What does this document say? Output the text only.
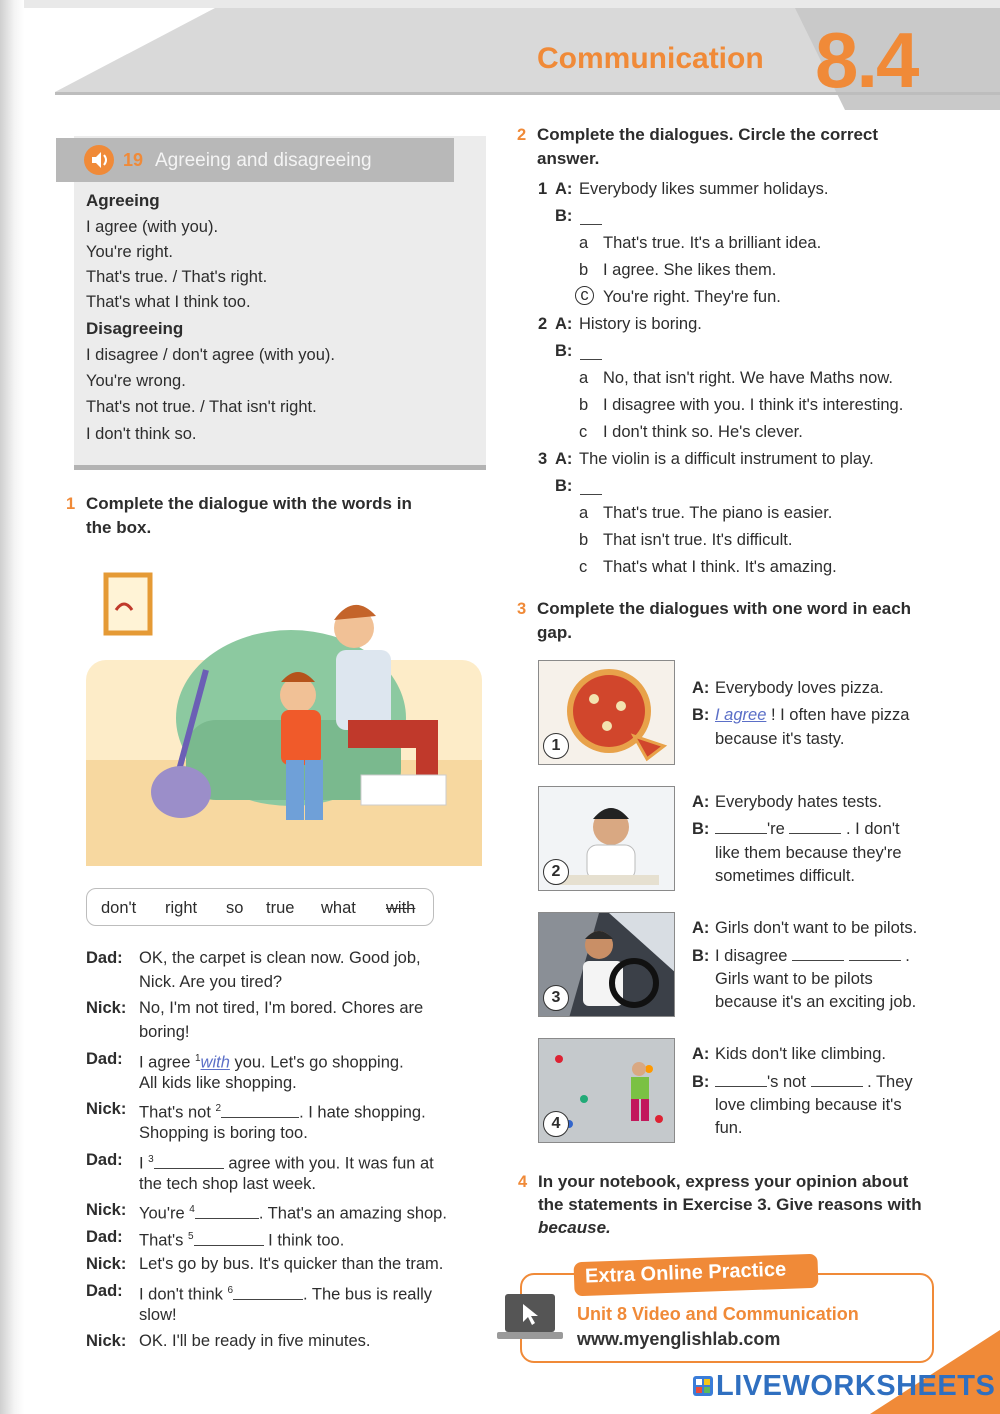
Communication 8.4
19 Agreeing and disagreeing
Agreeing
I agree (with you).
You're right.
That's true. / That's right.
That's what I think too.
Disagreeing
I disagree / don't agree (with you).
You're wrong.
That's not true. / That isn't right.
I don't think so.
1 Complete the dialogue with the words in
the box.
don't right so true what with
Dad: OK, the carpet is clean now. Good job,
Nick. Are you tired?
Nick: No, I'm not tired, I'm bored. Chores are
boring!
Dad: I agree $^1$with you. Let's go shopping.
All kids like shopping.
Nick: That's not $^2$	. I hate shopping.
Shopping is boring too.
Dad: I $^3$	agree with you. It was fun at
the tech shop last week.
Nick: You're $^4$	. That's an amazing shop.
Dad: That's $^5$	I think too.
Nick: Let's go by bus. It's quicker than the tram.
Dad: I don't think $^6$	. The bus is really
slow!
Nick: OK. I'll be ready in five minutes.
2 Complete the dialogues. Circle the correct
answer.
1 A: Everybody likes summer holidays.
B:
a That's true. It's a brilliant idea.
b I agree. She likes them.
c You're right. They're fun.
2 A: History is boring.
B:
a No, that isn't right. We have Maths now.
b I disagree with you. I think it's interesting.
c I don't think so. He's clever.
3 A: The violin is a difficult instrument to play.
B:
a That's true. The piano is easier.
b That isn't true. It's difficult.
c That's what I think. It's amazing.
3 Complete the dialogues with one word in each
gap.
1
2
3
4
A: Everybody loves pizza.
B: I agree ! I often have pizza
because it's tasty.
A: Everybody hates tests.
B:	're	. I don't
like them because they're
sometimes difficult.
A: Girls don't want to be pilots.
B: I disagree	.
Girls want to be pilots
because it's an exciting job.
A: Kids don't like climbing.
B:	's not	. They
love climbing because it's
fun.
4 In your notebook, express your opinion about
the statements in Exercise 3. Give reasons with
because.
Extra Online Practice
Unit 8 Video and Communication
www.myenglishlab.com
LIVEWORKSHEETS
